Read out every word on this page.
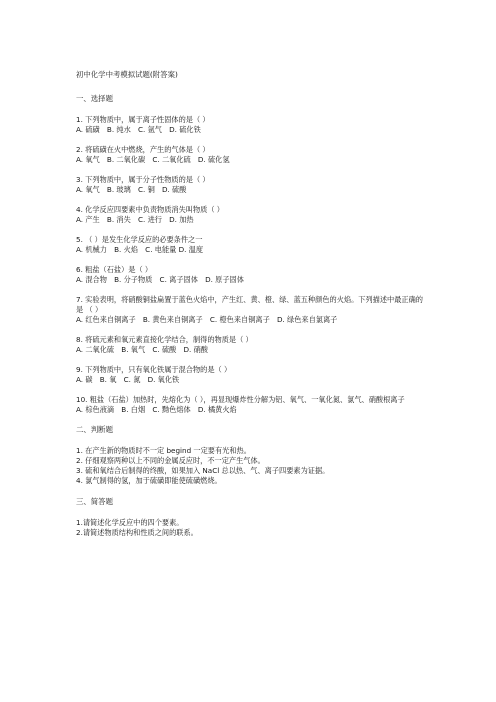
初中化学中考模拟试题(附答案)
一、选择题
1. 下列物质中，属于离子性固体的是（ ）
A. 硫磺　B. 纯水　C. 氩气　D. 硫化铁
2. 将硫磺在火中燃烧，产生的气体是（ ）
A. 氧气　B. 二氧化碳　C. 二氧化硫　D. 硫化氢
3. 下列物质中，属于分子性物质的是（ ）
A. 氧气　B. 玻璃　C. 铜　D. 硫酸
4. 化学反应四要素中负责物质消失叫物质（ ）
A. 产生　B. 消失　C. 进行　D. 加热
5. （ ）是发生化学反应的必要条件之一
A. 机械力　B. 火焰　C. 电能量 D. 温度
6. 粗盐（石盐）是（ ）
A. 混合物　B. 分子物质　C. 离子固体　D. 原子固体
7. 实验表明，将硝酸铜盐扁置于蓝色火焰中，产生红、黄、橙、绿、蓝五种颜色的火焰。下列描述中最正确的是 （ ）
A. 红色来自铜离子　B. 黄色来自铜离子　C. 橙色来自铜离子　D. 绿色来自氯离子
8. 将硫元素和氧元素直接化学结合，制得的物质是（ ）
A. 二氧化硫　B. 氧气　C. 硫酸　D. 硝酸
9. 下列物质中，只有氧化铁属于混合物的是（ ）
A. 碳　B. 氧　C. 氮　D. 氧化铁
10. 粗盐（石盐）加热时，先熔化为（ ），再显现爆炸性分解为铝、氧气、一氧化氮、氯气、硝酸根离子
A. 棕色液滴　B. 白烟　C. 黝色熔体　D. 橘黄火焰
二、判断题
1. 在产生新的物质时不一定 begind 一定要有光和热。
2. 仔细观察两种以上不同的金属反应时，不一定产生气体。
3. 硫和氧结合后制得的终酸，如果加入 NaCl 总以热、气、离子四要素为证据。
4. 氯气制得的氢，加于硫磺即能使硫磺燃烧。
三、简答题
1.请简述化学反应中的四个要素。
2.请简述物质结构和性质之间的联系。
